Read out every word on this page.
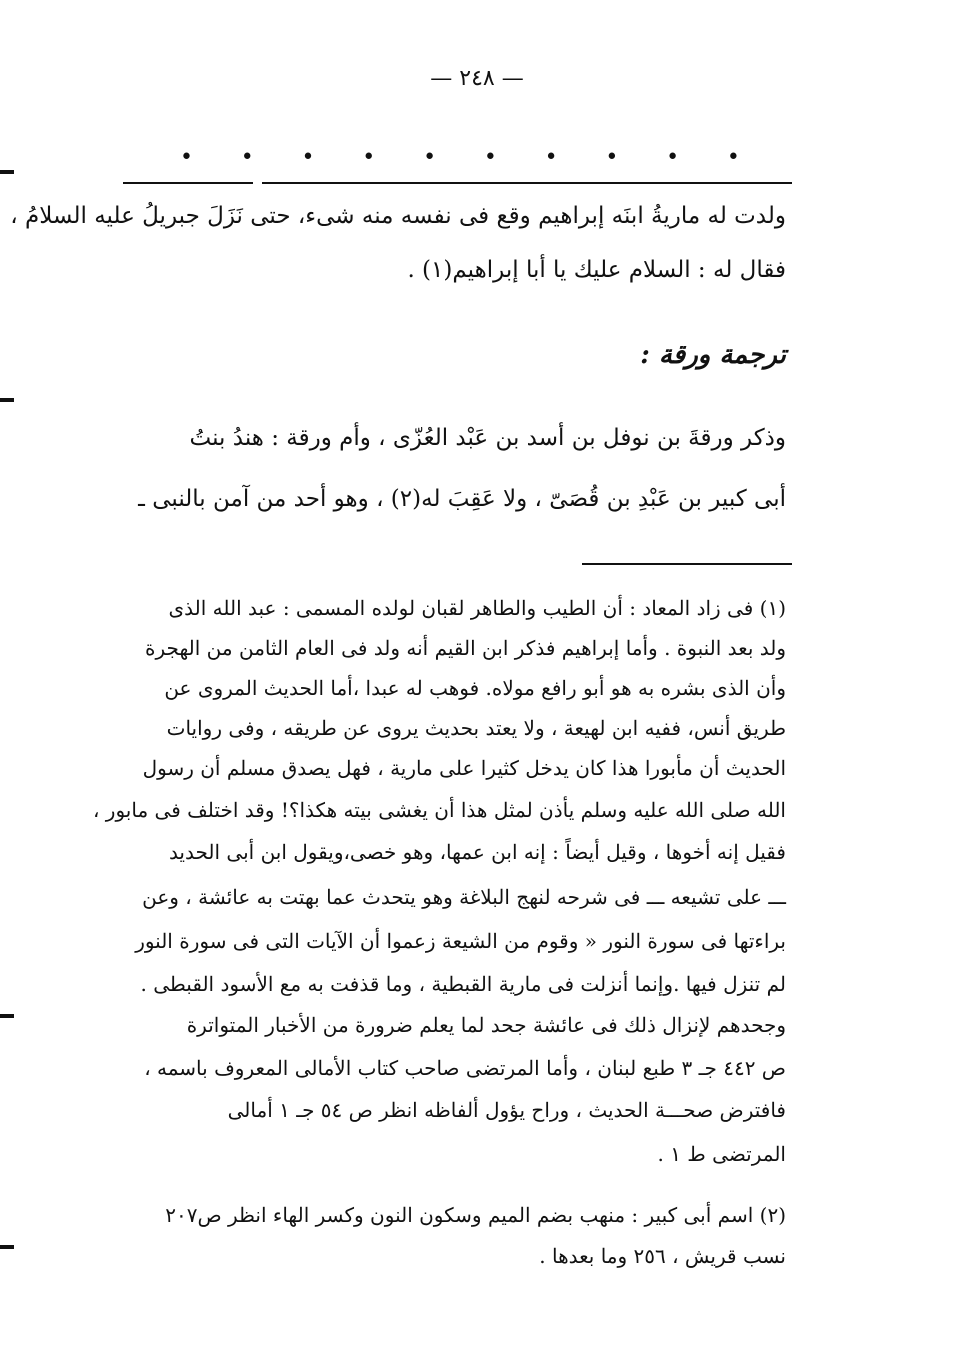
— ٢٤٨ —
• • • • • • • • • •
ولدت له ماريةُ ابنَه إبراهيم وقع فى نفسه منه شىء، حتى نَزَلَ جبريلُ عليه السلامُ ،
فقال له : السلام عليك يا أبا إبراهيم(١) .
ترجمة ورقة :
وذكر ورقةَ بن نوفل بن أسد بن عَبْد العُزّى ، وأم ورقة : هندُ بنتُ
أبى كبير بن عَبْدِ بن قُصَىّ ، ولا عَقِبَ له(٢) ، وهو أحد من آمن بالنبى ـ
(١) فى زاد المعاد : أن الطيب والطاهر لقبان لولده المسمى : عبد الله الذى
ولد بعد النبوة . وأما إبراهيم فذكر ابن القيم أنه ولد فى العام الثامن من الهجرة
وأن الذى بشره به هو أبو رافع مولاه. فوهب له عبدا ،أما الحديث المروى عن
طريق أنس، ففيه ابن لهيعة ، ولا يعتد بحديث يروى عن طريقه ، وفى روايات
الحديث أن مأبورا هذا كان يدخل كثيرا على مارية ، فهل يصدق مسلم أن رسول
الله صلى الله عليه وسلم يأذن لمثل هذا أن يغشى بيته هكذا؟! وقد اختلف فى مابور ،
فقيل إنه أخوها ، وقيل أيضاً : إنه ابن عمها، وهو خصى،ويقول ابن أبى الحديد
ـــ على تشيعه ـــ فى شرحه لنهج البلاغة وهو يتحدث عما بهتت به عائشة ، وعن
براءتها فى سورة النور « وقوم من الشيعة زعموا أن الآيات التى فى سورة النور
لم تنزل فيها .وإنما أنزلت فى مارية القبطية ، وما قذفت به مع الأسود القبطى .
وجحدهم لإنزال ذلك فى عائشة جحد لما يعلم ضرورة من الأخبار المتواترة
ص ٤٤٢ جـ ٣ طبع لبنان ، وأما المرتضى صاحب كتاب الأمالى المعروف باسمه ،
فافترض صحـــة الحديث ، وراح يؤول ألفاظه انظر ص ٥٤ جـ ١ أمالى
المرتضى ط ١ .
(٢) اسم أبى كبير : منهب بضم الميم وسكون النون وكسر الهاء انظر ص٢٠٧
نسب قريش ، ٢٥٦ وما بعدها .
